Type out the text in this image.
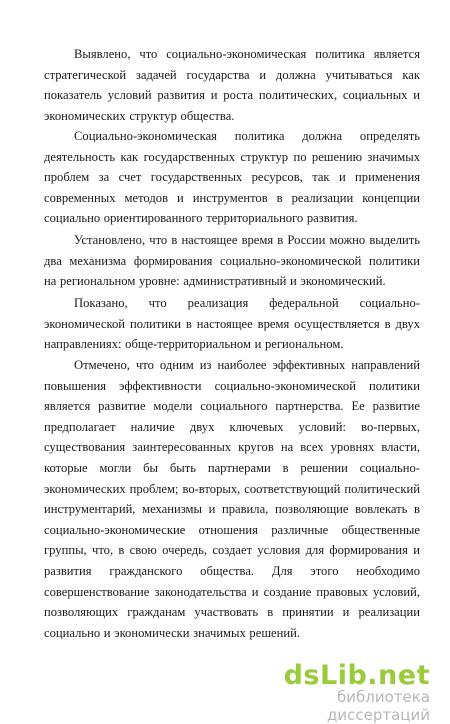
Выявлено, что социально-экономическая политика является стратегической задачей государства и должна учитываться как показатель условий развития и роста политических, социальных и экономических структур общества.

Социально-экономическая политика должна определять деятельность как государственных структур по решению значимых проблем за счет государственных ресурсов, так и применения современных методов и инструментов в реализации концепции социально ориентированного территориального развития.

Установлено, что в настоящее время в России можно выделить два механизма формирования социально-экономической политики на региональном уровне: административный и экономический.

Показано, что реализация федеральной социально-экономической политики в настоящее время осуществляется в двух направлениях: обще-территориальном и региональном.

Отмечено, что одним из наиболее эффективных направлений повышения эффективности социально-экономической политики является развитие модели социального партнерства. Ее развитие предполагает наличие двух ключевых условий: во-первых, существования заинтересованных кругов на всех уровнях власти, которые могли бы быть партнерами в решении социально-экономических проблем; во-вторых, соответствующий политический инструментарий, механизмы и правила, позволяющие вовлекать в социально-экономические отношения различные общественные группы, что, в свою очередь, создает условия для формирования и развития гражданского общества. Для этого необходимо совершенствование законодательства и создание правовых условий, позволяющих гражданам участвовать в принятии и реализации социально и экономически значимых решений.

dsLib.net
библиотека диссертаций
